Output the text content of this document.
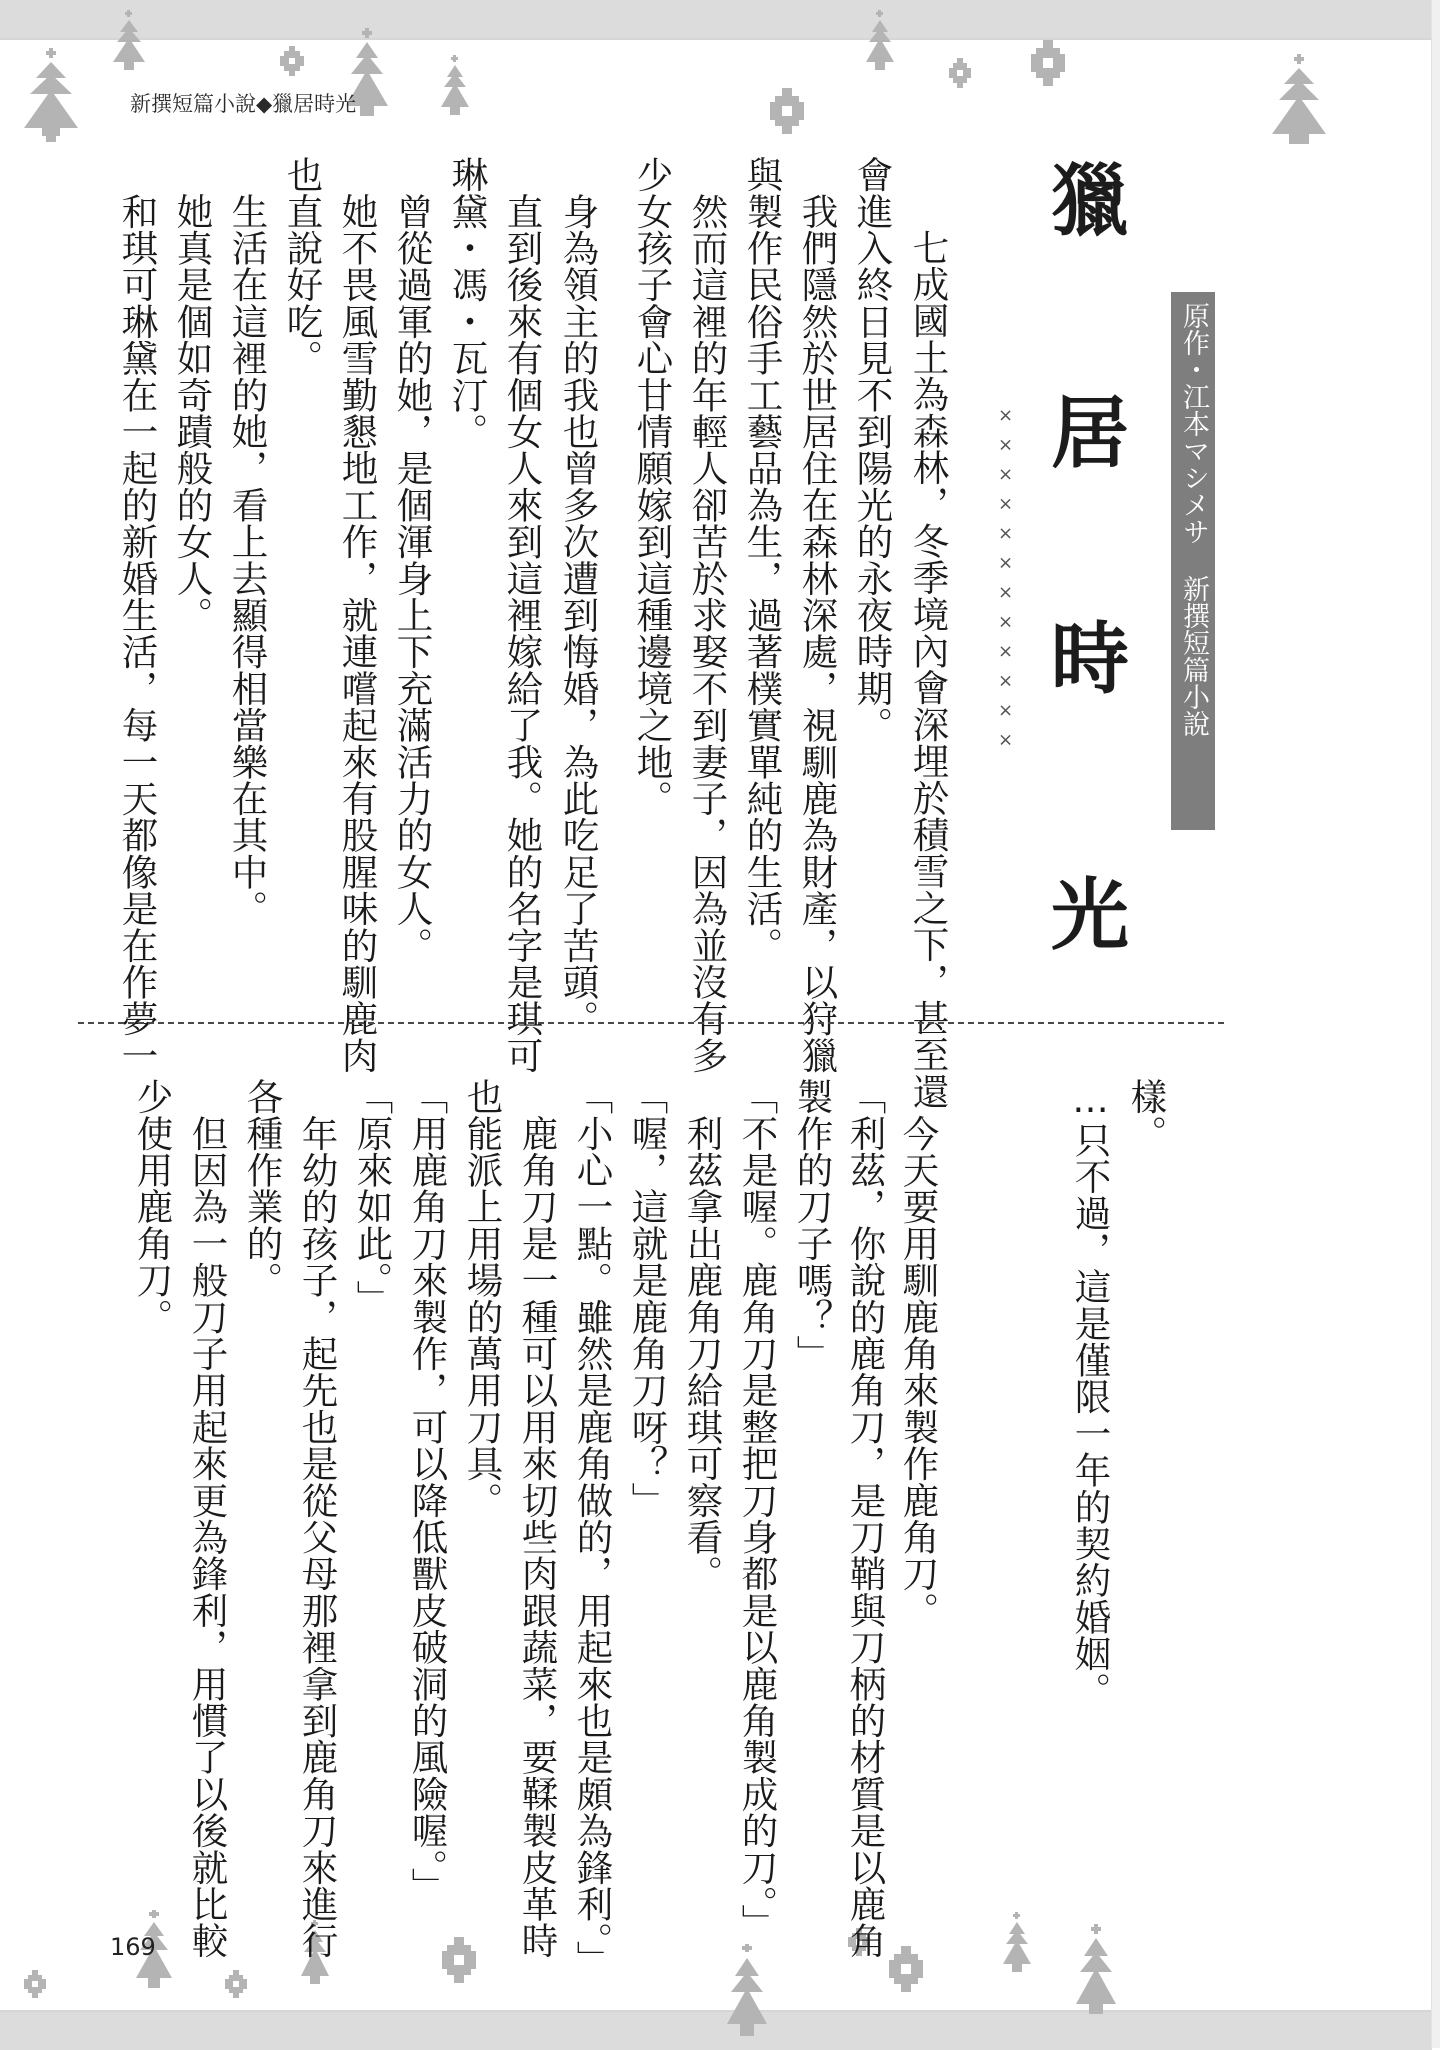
新撰短篇小說◆獵居時光
獵
居
時
光
原作・江本マシメサ新撰短篇小說
××××××××××××
　七成國土為森林，冬季境內會深埋於積雪之下，甚至還
會進入終日見不到陽光的永夜時期。
　我們隱然於世居住在森林深處，視馴鹿為財產，以狩獵
與製作民俗手工藝品為生，過著樸實單純的生活。
　然而這裡的年輕人卻苦於求娶不到妻子，因為並沒有多
少女孩子會心甘情願嫁到這種邊境之地。
　身為領主的我也曾多次遭到悔婚，為此吃足了苦頭。
　直到後來有個女人來到這裡嫁給了我。她的名字是琪可
琳黛・馮・瓦汀。
　曾從過軍的她，是個渾身上下充滿活力的女人。
　她不畏風雪勤懇地工作，就連嚐起來有股腥味的馴鹿肉
也直說好吃。
　生活在這裡的她，看上去顯得相當樂在其中。
　她真是個如奇蹟般的女人。
　和琪可琳黛在一起的新婚生活，每一天都像是在作夢一
樣。
…只不過，這是僅限一年的契約婚姻。
　今天要用馴鹿角來製作鹿角刀。
「利茲，你說的鹿角刀，是刀鞘與刀柄的材質是以鹿角
製作的刀子嗎？」
「不是喔。鹿角刀是整把刀身都是以鹿角製成的刀。」
　利茲拿出鹿角刀給琪可察看。
「喔，這就是鹿角刀呀？」
「小心一點。雖然是鹿角做的，用起來也是頗為鋒利。」
　鹿角刀是一種可以用來切些肉跟蔬菜，要鞣製皮革時
也能派上用場的萬用刀具。
「用鹿角刀來製作，可以降低獸皮破洞的風險喔。」
「原來如此。」
　年幼的孩子，起先也是從父母那裡拿到鹿角刀來進行
各種作業的。
　但因為一般刀子用起來更為鋒利，用慣了以後就比較
少使用鹿角刀。
169
